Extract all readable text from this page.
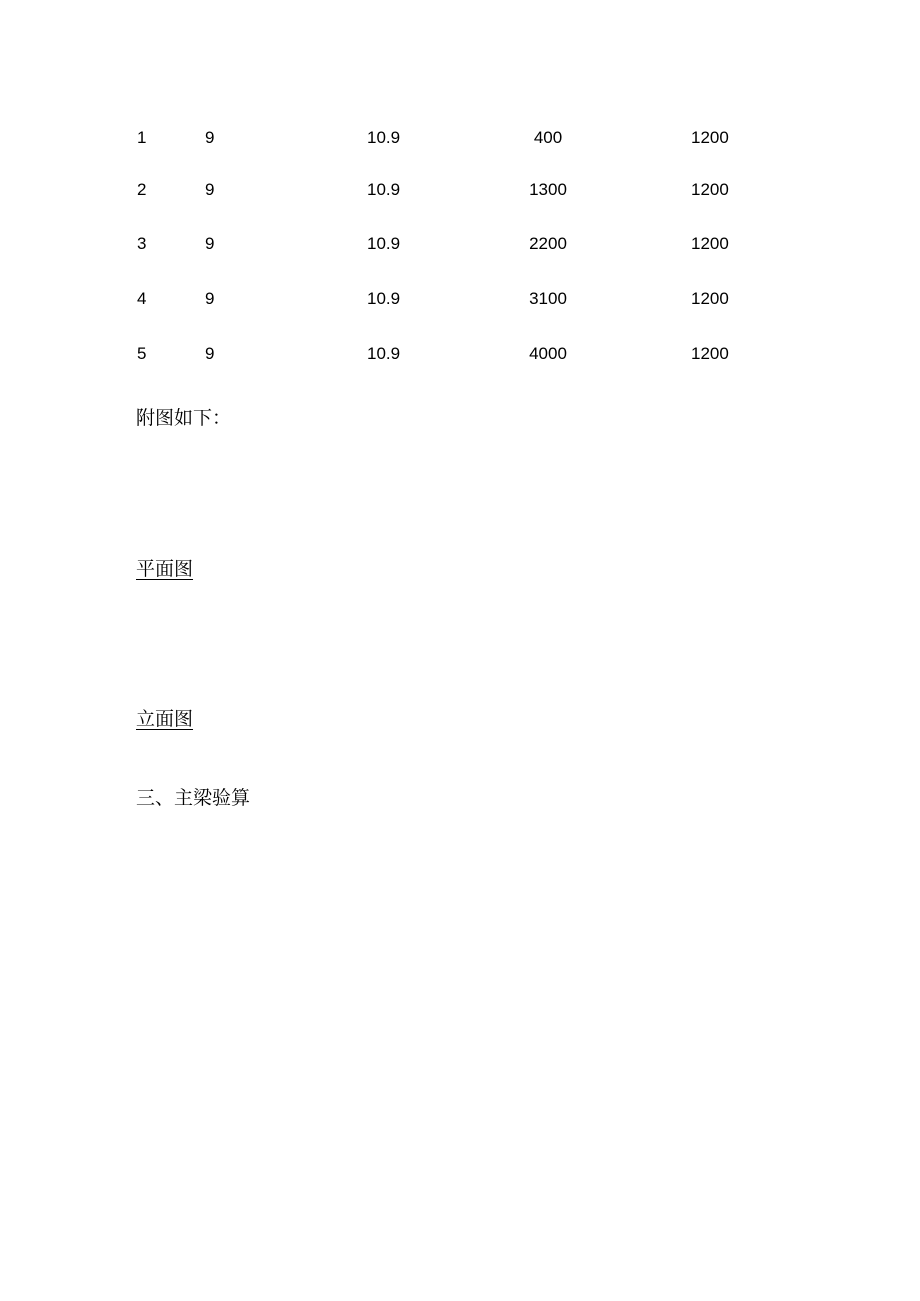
1	9	10.9	400	1200
2	9	10.9	1300	1200
3	9	10.9	2200	1200
4	9	10.9	3100	1200
5	9	10.9	4000	1200
附图如下：
平面图
立面图
三、主梁验算
